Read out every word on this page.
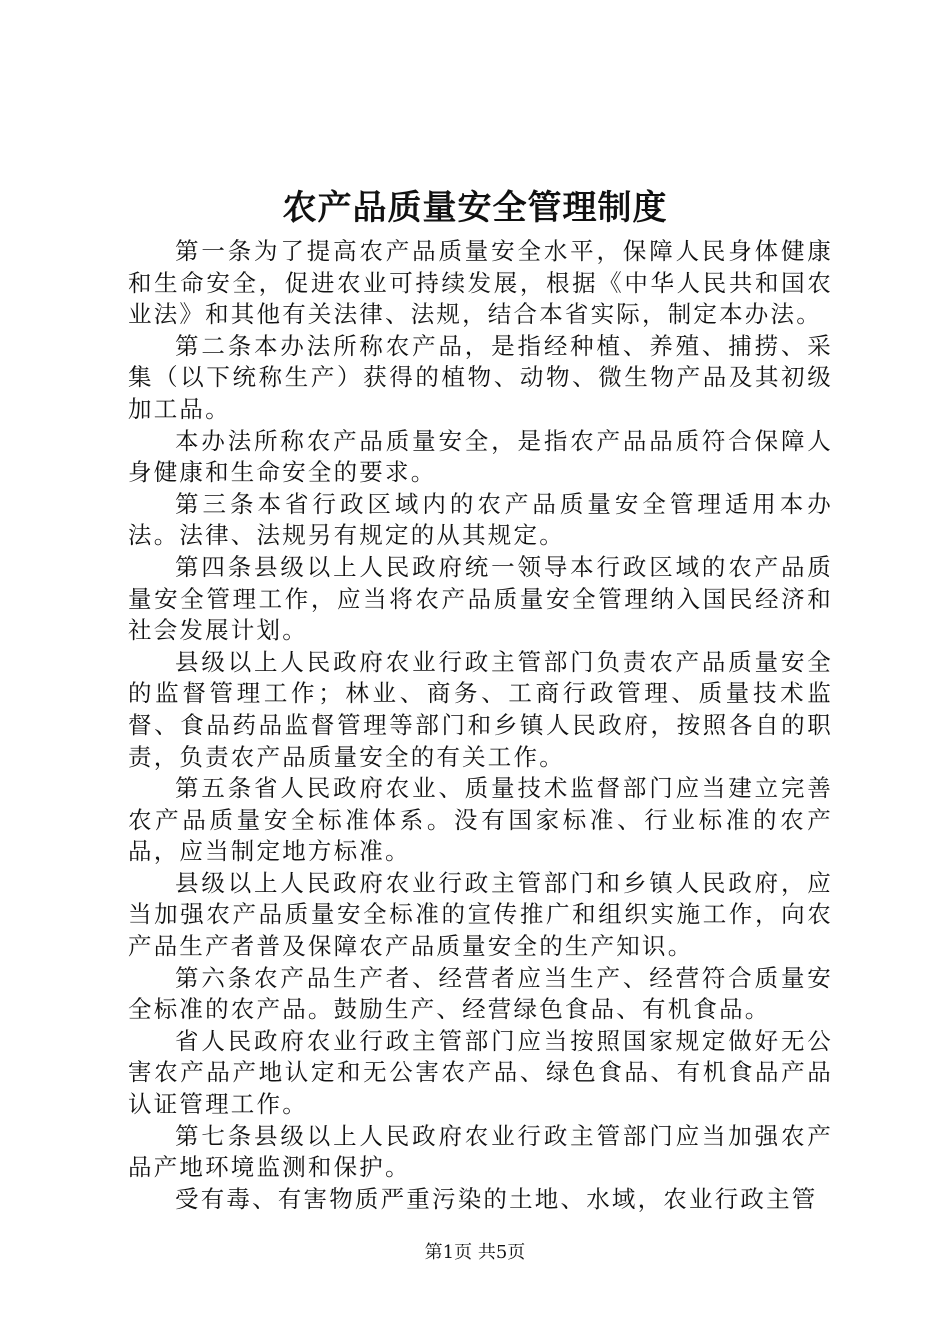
农产品质量安全管理制度

第一条为了提高农产品质量安全水平，保障人民身体健康和生命安全，促进农业可持续发展，根据《中华人民共和国农业法》和其他有关法律、法规，结合本省实际，制定本办法。

第二条本办法所称农产品，是指经种植、养殖、捕捞、采集（以下统称生产）获得的植物、动物、微生物产品及其初级加工品。

本办法所称农产品质量安全，是指农产品品质符合保障人身健康和生命安全的要求。

第三条本省行政区域内的农产品质量安全管理适用本办法。法律、法规另有规定的从其规定。

第四条县级以上人民政府统一领导本行政区域的农产品质量安全管理工作，应当将农产品质量安全管理纳入国民经济和社会发展计划。

县级以上人民政府农业行政主管部门负责农产品质量安全的监督管理工作；林业、商务、工商行政管理、质量技术监督、食品药品监督管理等部门和乡镇人民政府，按照各自的职责，负责农产品质量安全的有关工作。

第五条省人民政府农业、质量技术监督部门应当建立完善农产品质量安全标准体系。没有国家标准、行业标准的农产品，应当制定地方标准。

县级以上人民政府农业行政主管部门和乡镇人民政府，应当加强农产品质量安全标准的宣传推广和组织实施工作，向农产品生产者普及保障农产品质量安全的生产知识。

第六条农产品生产者、经营者应当生产、经营符合质量安全标准的农产品。鼓励生产、经营绿色食品、有机食品。

省人民政府农业行政主管部门应当按照国家规定做好无公害农产品产地认定和无公害农产品、绿色食品、有机食品产品认证管理工作。

第七条县级以上人民政府农业行政主管部门应当加强农产品产地环境监测和保护。

受有毒、有害物质严重污染的土地、水域，农业行政主管

第1页 共5页
